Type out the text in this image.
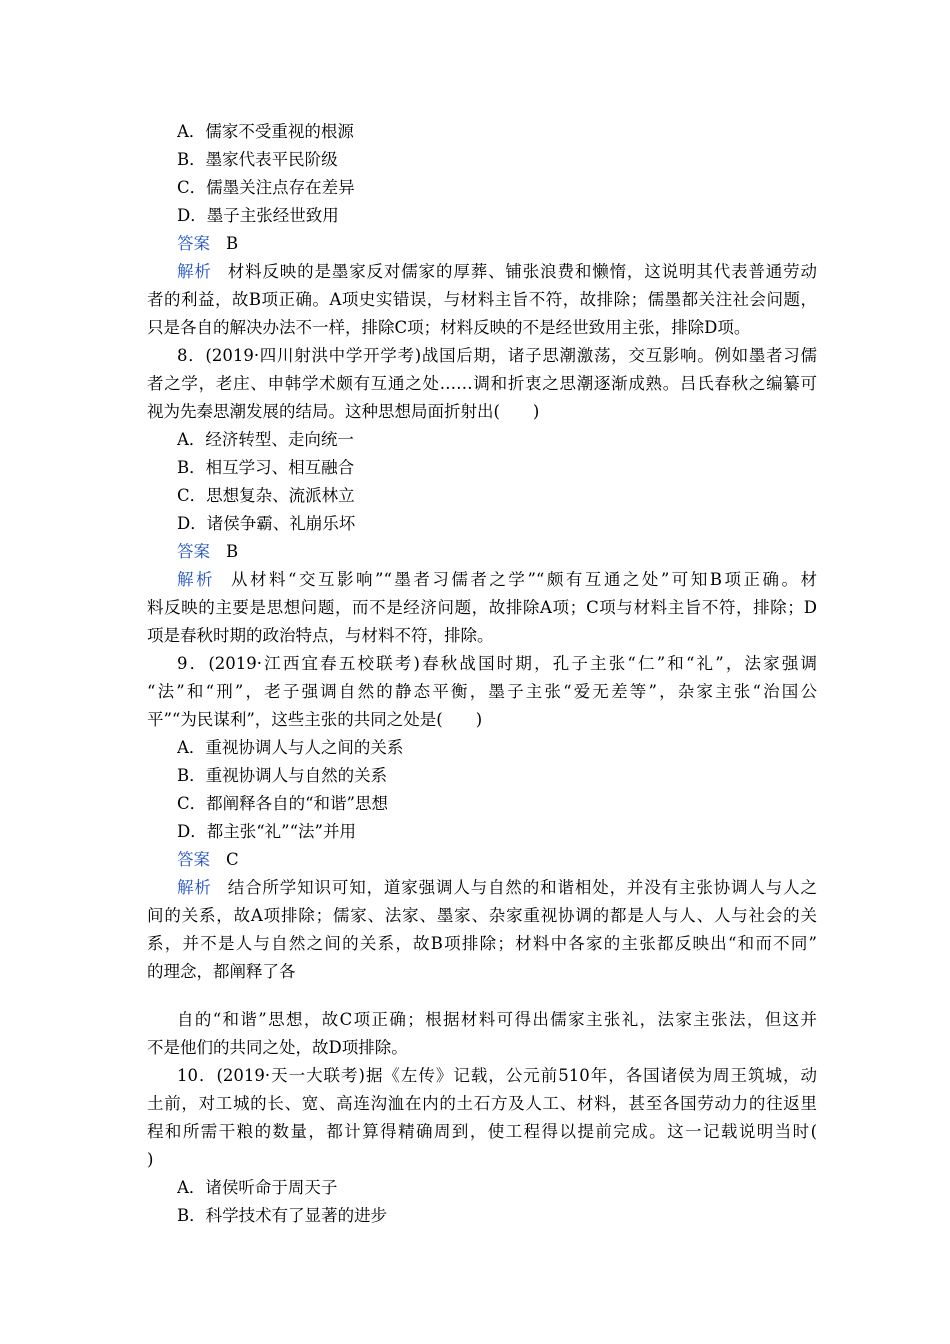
A．儒家不受重视的根源
B．墨家代表平民阶级
C．儒墨关注点存在差异
D．墨子主张经世致用
答案 B
解析 材料反映的是墨家反对儒家的厚葬、铺张浪费和懒惰，这说明其代表普通劳动
者的利益，故B项正确。A项史实错误，与材料主旨不符，故排除；儒墨都关注社会问题，
只是各自的解决办法不一样，排除C项；材料反映的不是经世致用主张，排除D项。
8．(2019·四川射洪中学开学考)战国后期，诸子思潮激荡，交互影响。例如墨者习儒
者之学，老庄、申韩学术颇有互通之处……调和折衷之思潮逐渐成熟。吕氏春秋之编纂可
视为先秦思潮发展的结局。这种思想局面折射出(　　)
A．经济转型、走向统一
B．相互学习、相互融合
C．思想复杂、流派林立
D．诸侯争霸、礼崩乐坏
答案 B
解析 从材料“交互影响”“墨者习儒者之学”“颇有互通之处”可知B项正确。材
料反映的主要是思想问题，而不是经济问题，故排除A项；C项与材料主旨不符，排除；D
项是春秋时期的政治特点，与材料不符，排除。
9．(2019·江西宜春五校联考)春秋战国时期，孔子主张“仁”和“礼”，法家强调
“法”和“刑”，老子强调自然的静态平衡，墨子主张“爱无差等”，杂家主张“治国公
平”“为民谋利”，这些主张的共同之处是(　　)
A．重视协调人与人之间的关系
B．重视协调人与自然的关系
C．都阐释各自的“和谐”思想
D．都主张“礼”“法”并用
答案 C
解析 结合所学知识可知，道家强调人与自然的和谐相处，并没有主张协调人与人之
间的关系，故A项排除；儒家、法家、墨家、杂家重视协调的都是人与人、人与社会的关
系，并不是人与自然之间的关系，故B项排除；材料中各家的主张都反映出“和而不同”
的理念，都阐释了各
自的“和谐”思想，故C项正确；根据材料可得出儒家主张礼，法家主张法，但这并
不是他们的共同之处，故D项排除。
10．(2019·天一大联考)据《左传》记载，公元前510年，各国诸侯为周王筑城，动
土前，对工城的长、宽、高连沟洫在内的土石方及人工、材料，甚至各国劳动力的往返里
程和所需干粮的数量，都计算得精确周到，使工程得以提前完成。这一记载说明当时(
)
A．诸侯听命于周天子
B．科学技术有了显著的进步
